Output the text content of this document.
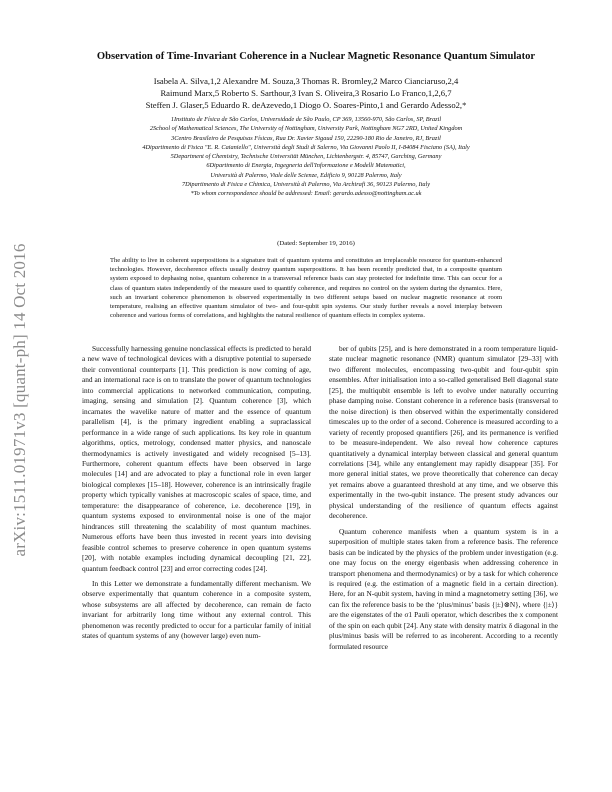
arXiv:1511.01971v3 [quant-ph] 14 Oct 2016
Observation of Time-Invariant Coherence in a Nuclear Magnetic Resonance Quantum Simulator
Isabela A. Silva,1,2 Alexandre M. Souza,3 Thomas R. Bromley,2 Marco Cianciaruso,2,4
Raimund Marx,5 Roberto S. Sarthour,3 Ivan S. Oliveira,3 Rosario Lo Franco,1,2,6,7
Steffen J. Glaser,5 Eduardo R. deAzevedo,1 Diogo O. Soares-Pinto,1 and Gerardo Adesso2,*
1Instituto de Física de São Carlos, Universidade de São Paulo, CP 369, 13560-970, São Carlos, SP, Brazil
2School of Mathematical Sciences, The University of Nottingham, University Park, Nottingham NG7 2RD, United Kingdom
3Centro Brasileiro de Pesquisas Físicas, Rua Dr. Xavier Sigaud 150, 22290-180 Rio de Janeiro, RJ, Brazil
4Dipartimento di Fisica "E. R. Caianiello", Università degli Studi di Salerno, Via Giovanni Paolo II, I-84084 Fisciano (SA), Italy
5Department of Chemistry, Technische Universität München, Lichtenbergstr. 4, 85747, Garching, Germany
6Dipartimento di Energia, Ingegneria dell'Informazione e Modelli Matematici,
Università di Palermo, Viale delle Scienze, Edificio 9, 90128 Palermo, Italy
7Dipartimento di Fisica e Chimica, Università di Palermo, Via Archirafi 36, 90123 Palermo, Italy
*To whom correspondence should be addressed: Email: gerardo.adesso@nottingham.ac.uk
(Dated: September 19, 2016)
The ability to live in coherent superpositions is a signature trait of quantum systems and constitutes an irreplaceable resource for quantum-enhanced technologies. However, decoherence effects usually destroy quantum superpositions. It has been recently predicted that, in a composite quantum system exposed to dephasing noise, quantum coherence in a transversal reference basis can stay protected for indefinite time. This can occur for a class of quantum states independently of the measure used to quantify coherence, and requires no control on the system during the dynamics. Here, such an invariant coherence phenomenon is observed experimentally in two different setups based on nuclear magnetic resonance at room temperature, realising an effective quantum simulator of two- and four-qubit spin systems. Our study further reveals a novel interplay between coherence and various forms of correlations, and highlights the natural resilience of quantum effects in complex systems.

Successfully harnessing genuine nonclassical effects is predicted to herald a new wave of technological devices with a disruptive potential to supersede their conventional counterparts [1]. This prediction is now coming of age, and an international race is on to translate the power of quantum technologies into commercial applications to networked communication, computing, imaging, sensing and simulation [2]. Quantum coherence [3], which incarnates the wavelike nature of matter and the essence of quantum parallelism [4], is the primary ingredient enabling a supraclassical performance in a wide range of such applications. Its key role in quantum algorithms, optics, metrology, condensed matter physics, and nanoscale thermodynamics is actively investigated and widely recognised [5–13]. Furthermore, coherent quantum effects have been observed in large molecules [14] and are advocated to play a functional role in even larger biological complexes [15–18]. However, coherence is an intrinsically fragile property which typically vanishes at macroscopic scales of space, time, and temperature: the disappearance of coherence, i.e. decoherence [19], in quantum systems exposed to environmental noise is one of the major hindrances still threatening the scalability of most quantum machines. Numerous efforts have been thus invested in recent years into devising feasible control schemes to preserve coherence in open quantum systems [20], with notable examples including dynamical decoupling [21, 22], quantum feedback control [23] and error correcting codes [24].

In this Letter we demonstrate a fundamentally different mechanism. We observe experimentally that quantum coherence in a composite system, whose subsystems are all affected by decoherence, can remain de facto invariant for arbitrarily long time without any external control. This phenomenon was recently predicted to occur for a particular family of initial states of quantum systems of any (however large) even num-

ber of qubits [25], and is here demonstrated in a room temperature liquid-state nuclear magnetic resonance (NMR) quantum simulator [29–33] with two different molecules, encompassing two-qubit and four-qubit spin ensembles. After initialisation into a so-called generalised Bell diagonal state [25], the multiqubit ensemble is left to evolve under naturally occurring phase damping noise. Constant coherence in a reference basis (transversal to the noise direction) is then observed within the experimentally considered timescales up to the order of a second. Coherence is measured according to a variety of recently proposed quantifiers [26], and its permanence is verified to be measure-independent. We also reveal how coherence captures quantitatively a dynamical interplay between classical and general quantum correlations [34], while any entanglement may rapidly disappear [35]. For more general initial states, we prove theoretically that coherence can decay yet remains above a guaranteed threshold at any time, and we observe this experimentally in the two-qubit instance. The present study advances our physical understanding of the resilience of quantum effects against decoherence.

Quantum coherence manifests when a quantum system is in a superposition of multiple states taken from a reference basis. The reference basis can be indicated by the physics of the problem under investigation (e.g. one may focus on the energy eigenbasis when addressing coherence in transport phenomena and thermodynamics) or by a task for which coherence is required (e.g. the estimation of a magnetic field in a certain direction). Here, for an N-qubit system, having in mind a magnetometry setting [36], we can fix the reference basis to be the ‘plus/minus’ basis {|±⟩⊗N}, where {|±⟩} are the eigenstates of the σ1 Pauli operator, which describes the x component of the spin on each qubit [24]. Any state with density matrix δ diagonal in the plus/minus basis will be referred to as incoherent. According to a recently formulated resource
